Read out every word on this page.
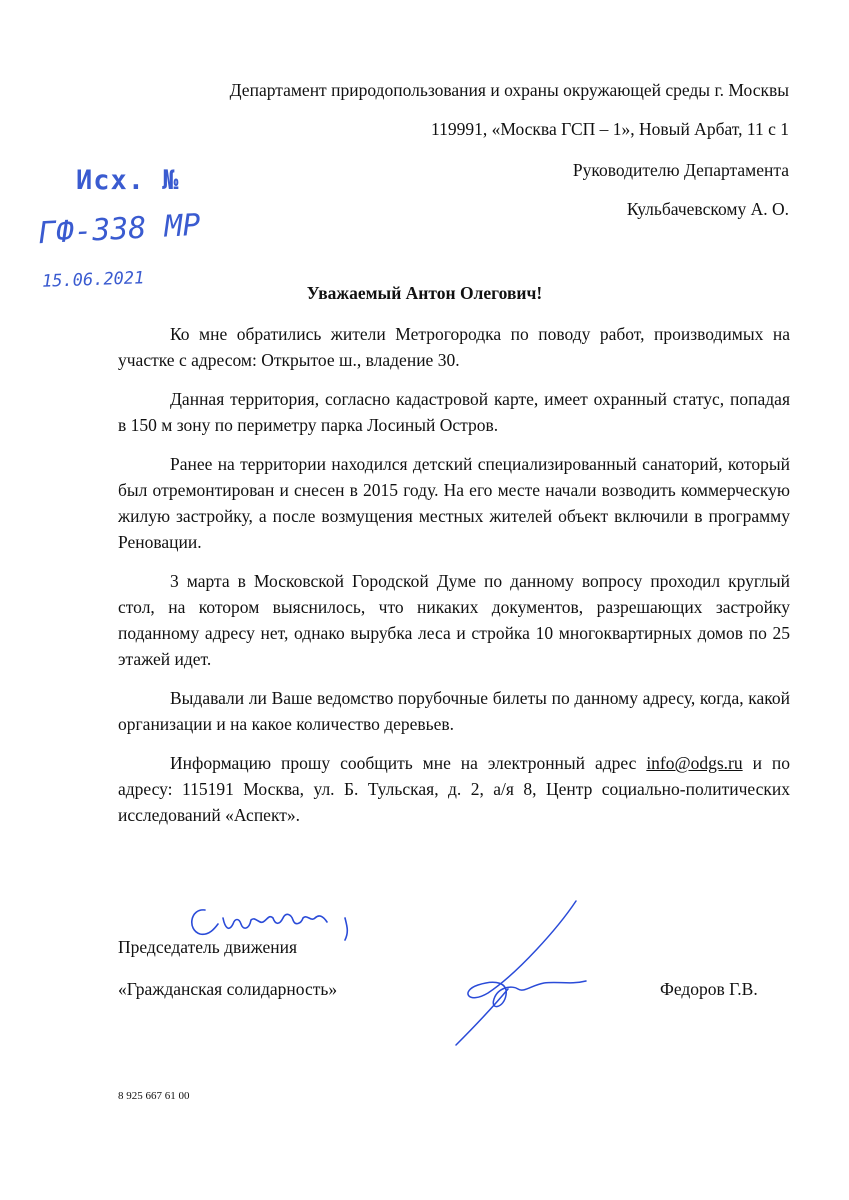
Департамент природопользования и охраны окружающей среды г. Москвы
119991, «Москва ГСП – 1», Новый Арбат, 11 с 1
Руководителю Департамента
Кульбачевскому А. О.
Исх. №
ГФ-338 МР
15.06.2021
Уважаемый Антон Олегович!

Ко мне обратились жители Метрогородка по поводу работ, производимых на участке с адресом: Открытое ш., владение 30.

Данная территория, согласно кадастровой карте, имеет охранный статус, попадая в 150 м зону по периметру парка Лосиный Остров.

Ранее на территории находился детский специализированный санаторий, который был отремонтирован и снесен в 2015 году. На его месте начали возводить коммерческую жилую застройку, а после возмущения местных жителей объект включили в программу Реновации.

3 марта в Московской Городской Думе по данному вопросу проходил круглый стол, на котором выяснилось, что никаких документов, разрешающих застройку поданному адресу нет, однако вырубка леса и стройка 10 многоквартирных домов по 25 этажей идет.

Выдавали ли Ваше ведомство порубочные билеты по данному адресу, когда, какой организации и на какое количество деревьев.

Информацию прошу сообщить мне на электронный адрес info@odgs.ru и по адресу: 115191 Москва, ул. Б. Тульская, д. 2, а/я 8, Центр социально-политических исследований «Аспект».

Председатель движения
«Гражданская солидарность»	Федоров Г.В.
8 925 667 61 00
